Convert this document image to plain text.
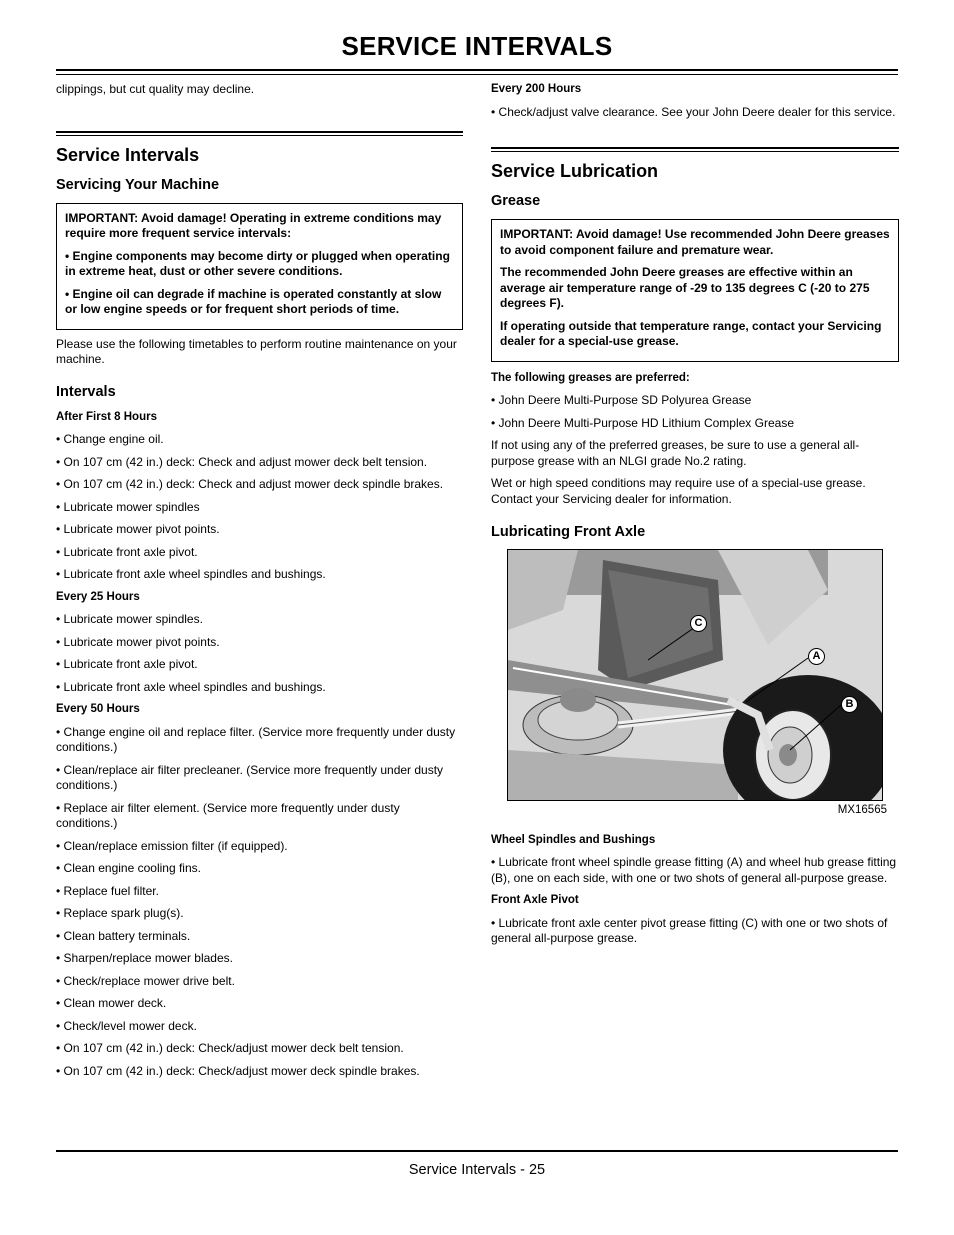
SERVICE INTERVALS

clippings, but cut quality may decline.

Service Intervals
Servicing Your Machine

IMPORTANT: Avoid damage! Operating in extreme conditions may require more frequent service intervals:

• Engine components may become dirty or plugged when operating in extreme heat, dust or other severe conditions.

• Engine oil can degrade if machine is operated constantly at slow or low engine speeds or for frequent short periods of time.

Please use the following timetables to perform routine maintenance on your machine.

Intervals

After First 8 Hours

• Change engine oil.

• On 107 cm (42 in.) deck: Check and adjust mower deck belt tension.

• On 107 cm (42 in.) deck: Check and adjust mower deck spindle brakes.

• Lubricate mower spindles

• Lubricate mower pivot points.

• Lubricate front axle pivot.

• Lubricate front axle wheel spindles and bushings.

Every 25 Hours

• Lubricate mower spindles.

• Lubricate mower pivot points.

• Lubricate front axle pivot.

• Lubricate front axle wheel spindles and bushings.

Every 50 Hours

• Change engine oil and replace filter. (Service more frequently under dusty conditions.)

• Clean/replace air filter precleaner. (Service more frequently under dusty conditions.)

• Replace air filter element. (Service more frequently under dusty conditions.)

• Clean/replace emission filter (if equipped).

• Clean engine cooling fins.

• Replace fuel filter.

• Replace spark plug(s).

• Clean battery terminals.

• Sharpen/replace mower blades.

• Check/replace mower drive belt.

• Clean mower deck.

• Check/level mower deck.

• On 107 cm (42 in.) deck: Check/adjust mower deck belt tension.

• On 107 cm (42 in.) deck: Check/adjust mower deck spindle brakes.

Every 200 Hours

• Check/adjust valve clearance. See your John Deere dealer for this service.

Service Lubrication
Grease

IMPORTANT: Avoid damage! Use recommended John Deere greases to avoid component failure and premature wear.

The recommended John Deere greases are effective within an average air temperature range of -29 to 135 degrees C (-20 to 275 degrees F).

If operating outside that temperature range, contact your Servicing dealer for a special-use grease.

The following greases are preferred:

• John Deere Multi-Purpose SD Polyurea Grease

• John Deere Multi-Purpose HD Lithium Complex Grease

If not using any of the preferred greases, be sure to use a general all-purpose grease with an NLGI grade No.2 rating.

Wet or high speed conditions may require use of a special-use grease. Contact your Servicing dealer for information.

Lubricating Front Axle
C
A
B
MX16565

Wheel Spindles and Bushings

• Lubricate front wheel spindle grease fitting (A) and wheel hub grease fitting (B), one on each side, with one or two shots of general all-purpose grease.

Front Axle Pivot

• Lubricate front axle center pivot grease fitting (C) with one or two shots of general all-purpose grease.

Service Intervals - 25
